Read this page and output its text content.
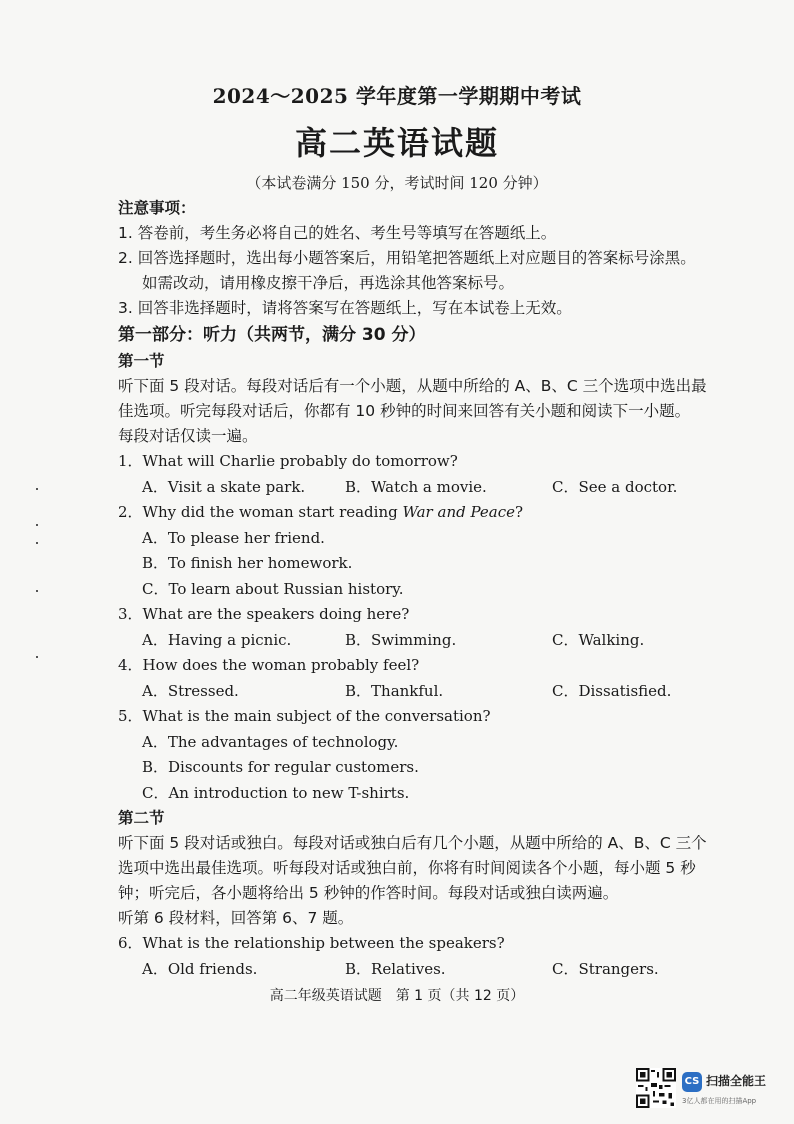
2024～2025 学年度第一学期期中考试
高二英语试题
（本试卷满分 150 分，考试时间 120 分钟）
注意事项：
1. 答卷前，考生务必将自己的姓名、考生号等填写在答题纸上。
2. 回答选择题时，选出每小题答案后，用铅笔把答题纸上对应题目的答案标号涂黑。
如需改动，请用橡皮擦干净后，再选涂其他答案标号。
3. 回答非选择题时，请将答案写在答题纸上，写在本试卷上无效。
第一部分：听力（共两节，满分 30 分）
第一节
听下面 5 段对话。每段对话后有一个小题，从题中所给的 A、B、C 三个选项中选出最
佳选项。听完每段对话后，你都有 10 秒钟的时间来回答有关小题和阅读下一小题。
每段对话仅读一遍。
1．What will Charlie probably do tomorrow?
A．Visit a skate park.	B．Watch a movie.	C．See a doctor.
2．Why did the woman start reading War and Peace?
A．To please her friend.
B．To finish her homework.
C．To learn about Russian history.
3．What are the speakers doing here?
A．Having a picnic.	B．Swimming.	C．Walking.
4．How does the woman probably feel?
A．Stressed.	B．Thankful.	C．Dissatisfied.
5．What is the main subject of the conversation?
A．The advantages of technology.
B．Discounts for regular customers.
C．An introduction to new T-shirts.
第二节
听下面 5 段对话或独白。每段对话或独白后有几个小题，从题中所给的 A、B、C 三个
选项中选出最佳选项。听每段对话或独白前，你将有时间阅读各个小题，每小题 5 秒
钟；听完后，各小题将给出 5 秒钟的作答时间。每段对话或独白读两遍。
听第 6 段材料，回答第 6、7 题。
6．What is the relationship between the speakers?
A．Old friends.	B．Relatives.	C．Strangers.
高二年级英语试题　第 1 页（共 12 页）
CS 扫描全能王
3亿人都在用的扫描App
